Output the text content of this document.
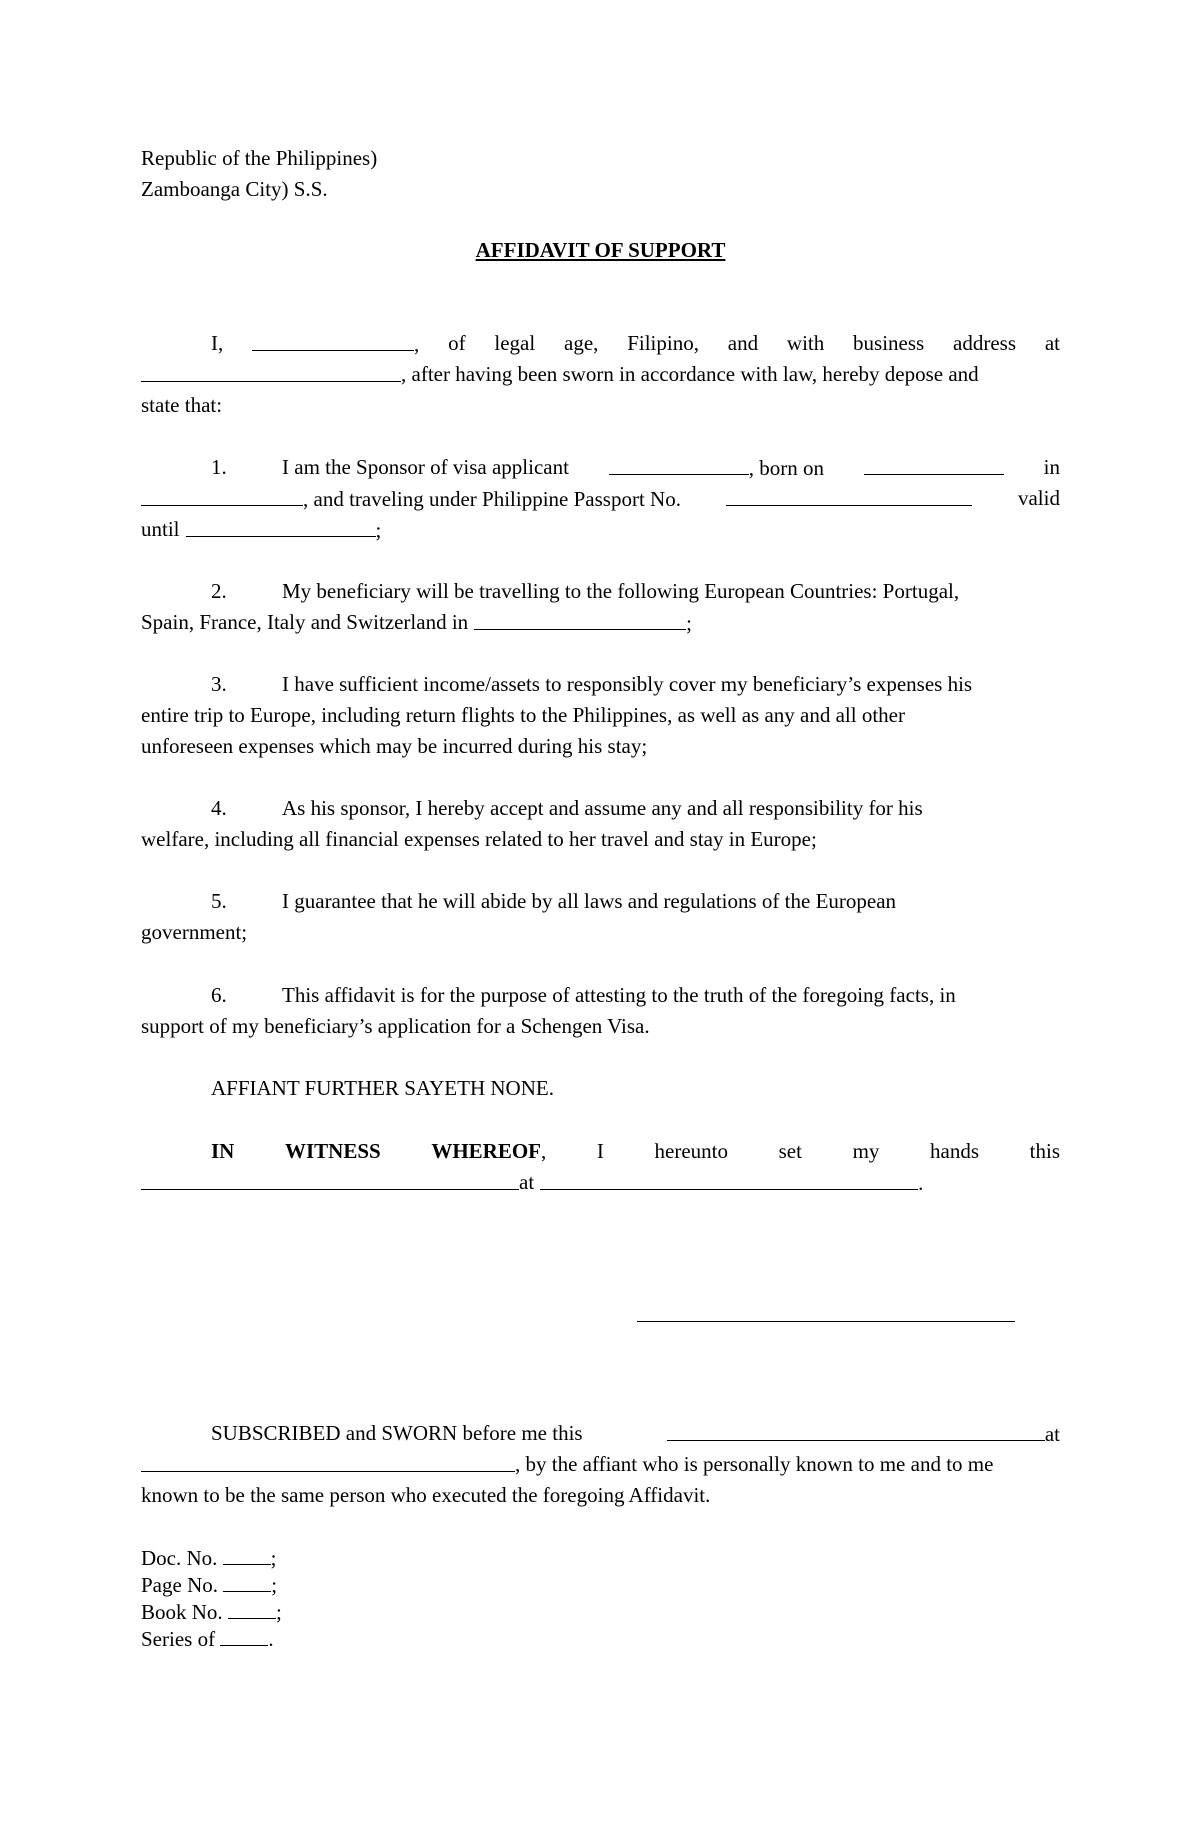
Republic of the Philippines)
Zamboanga City) S.S.
AFFIDAVIT OF SUPPORT
I,	, of legal age, Filipino, and with business address at
, after having been sworn in accordance with law, hereby depose and
state that:
1.	I am the Sponsor of visa applicant	, born on	in
, and traveling under Philippine Passport No.	valid
until	;
2.	My beneficiary will be travelling to the following European Countries: Portugal,
Spain, France, Italy and Switzerland in	;
3.	I have sufficient income/assets to responsibly cover my beneficiary’s expenses his
entire trip to Europe, including return flights to the Philippines, as well as any and all other
unforeseen expenses which may be incurred during his stay;
4.	As his sponsor, I hereby accept and assume any and all responsibility for his
welfare, including all financial expenses related to her travel and stay in Europe;
5.	I guarantee that he will abide by all laws and regulations of the European
government;
6.	This affidavit is for the purpose of attesting to the truth of the foregoing facts, in
support of my beneficiary’s application for a Schengen Visa.
AFFIANT FURTHER SAYETH NONE.
IN WITNESS WHEREOF, I hereunto set my hands this
at	.
SUBSCRIBED and SWORN before me this	at
, by the affiant who is personally known to me and to me
known to be the same person who executed the foregoing Affidavit.
Doc. No.	;
Page No.	;
Book No.	;
Series of	.
